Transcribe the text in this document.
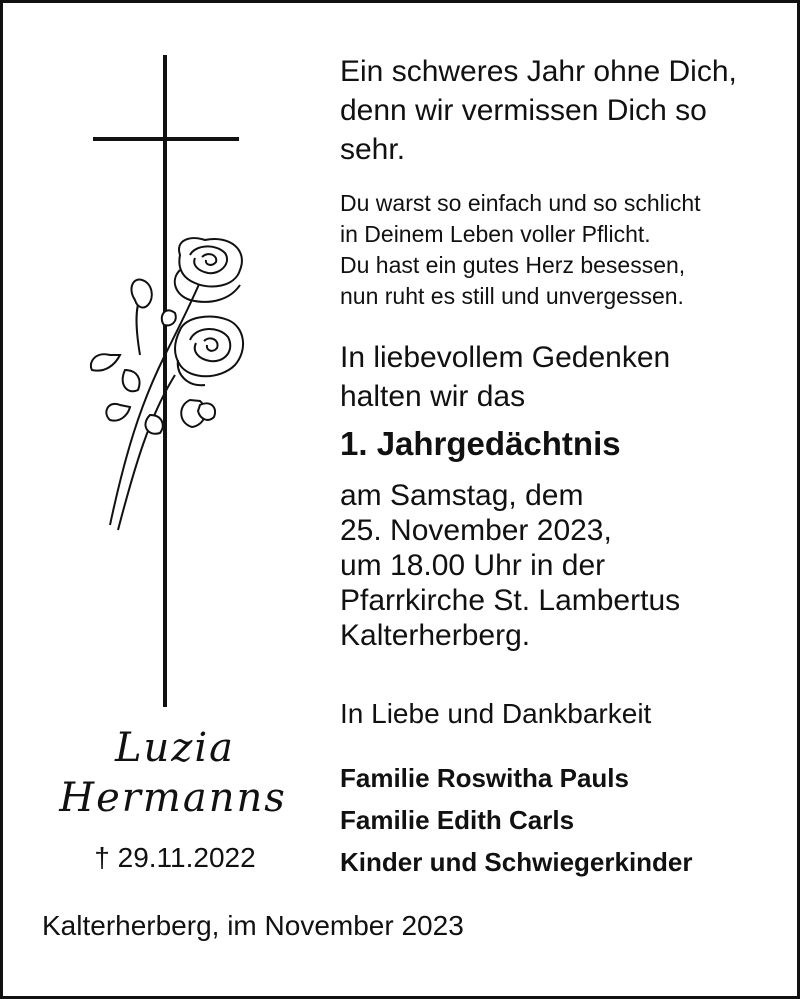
Luzia
Hermanns
† 29.11.2022
Ein schweres Jahr ohne Dich,
denn wir vermissen Dich so
sehr.
Du warst so einfach und so schlicht
in Deinem Leben voller Pflicht.
Du hast ein gutes Herz besessen,
nun ruht es still und unvergessen.
In liebevollem Gedenken
halten wir das
1. Jahrgedächtnis
am Samstag, dem
25. November 2023,
um 18.00 Uhr in der
Pfarrkirche St. Lambertus
Kalterherberg.
In Liebe und Dankbarkeit
Familie Roswitha Pauls
Familie Edith Carls
Kinder und Schwiegerkinder
Kalterherberg, im November 2023
